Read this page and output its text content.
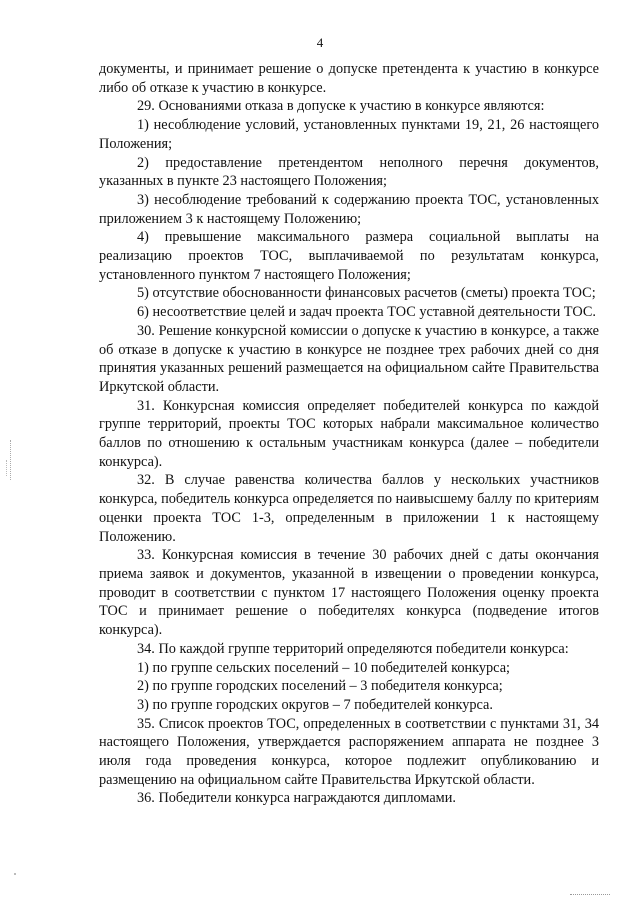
4

документы, и принимает решение о допуске претендента к участию в конкурсе либо об отказе к участию в конкурсе.

29. Основаниями отказа в допуске к участию в конкурсе являются:

1) несоблюдение условий, установленных пунктами 19, 21, 26 настоящего Положения;

2) предоставление претендентом неполного перечня документов, указанных в пункте 23 настоящего Положения;

3) несоблюдение требований к содержанию проекта ТОС, установленных приложением 3 к настоящему Положению;

4) превышение максимального размера социальной выплаты на реализацию проектов ТОС, выплачиваемой по результатам конкурса, установленного пунктом 7 настоящего Положения;

5) отсутствие обоснованности финансовых расчетов (сметы) проекта ТОС;

6) несоответствие целей и задач проекта ТОС уставной деятельности ТОС.

30. Решение конкурсной комиссии о допуске к участию в конкурсе, а также об отказе в допуске к участию в конкурсе не позднее трех рабочих дней со дня принятия указанных решений размещается на официальном сайте Правительства Иркутской области.

31. Конкурсная комиссия определяет победителей конкурса по каждой группе территорий, проекты ТОС которых набрали максимальное количество баллов по отношению к остальным участникам конкурса (далее – победители конкурса).

32. В случае равенства количества баллов у нескольких участников конкурса, победитель конкурса определяется по наивысшему баллу по критериям оценки проекта ТОС 1-3, определенным в приложении 1 к настоящему Положению.

33. Конкурсная комиссия в течение 30 рабочих дней с даты окончания приема заявок и документов, указанной в извещении о проведении конкурса, проводит в соответствии с пунктом 17 настоящего Положения оценку проекта ТОС и принимает решение о победителях конкурса (подведение итогов конкурса).

34. По каждой группе территорий определяются победители конкурса:

1) по группе сельских поселений – 10 победителей конкурса;

2) по группе городских поселений – 3 победителя конкурса;

3) по группе городских округов – 7 победителей конкурса.

35. Список проектов ТОС, определенных в соответствии с пунктами 31, 34 настоящего Положения, утверждается распоряжением аппарата не позднее 3 июля года проведения конкурса, которое подлежит опубликованию и размещению на официальном сайте Правительства Иркутской области.

36. Победители конкурса награждаются дипломами.
